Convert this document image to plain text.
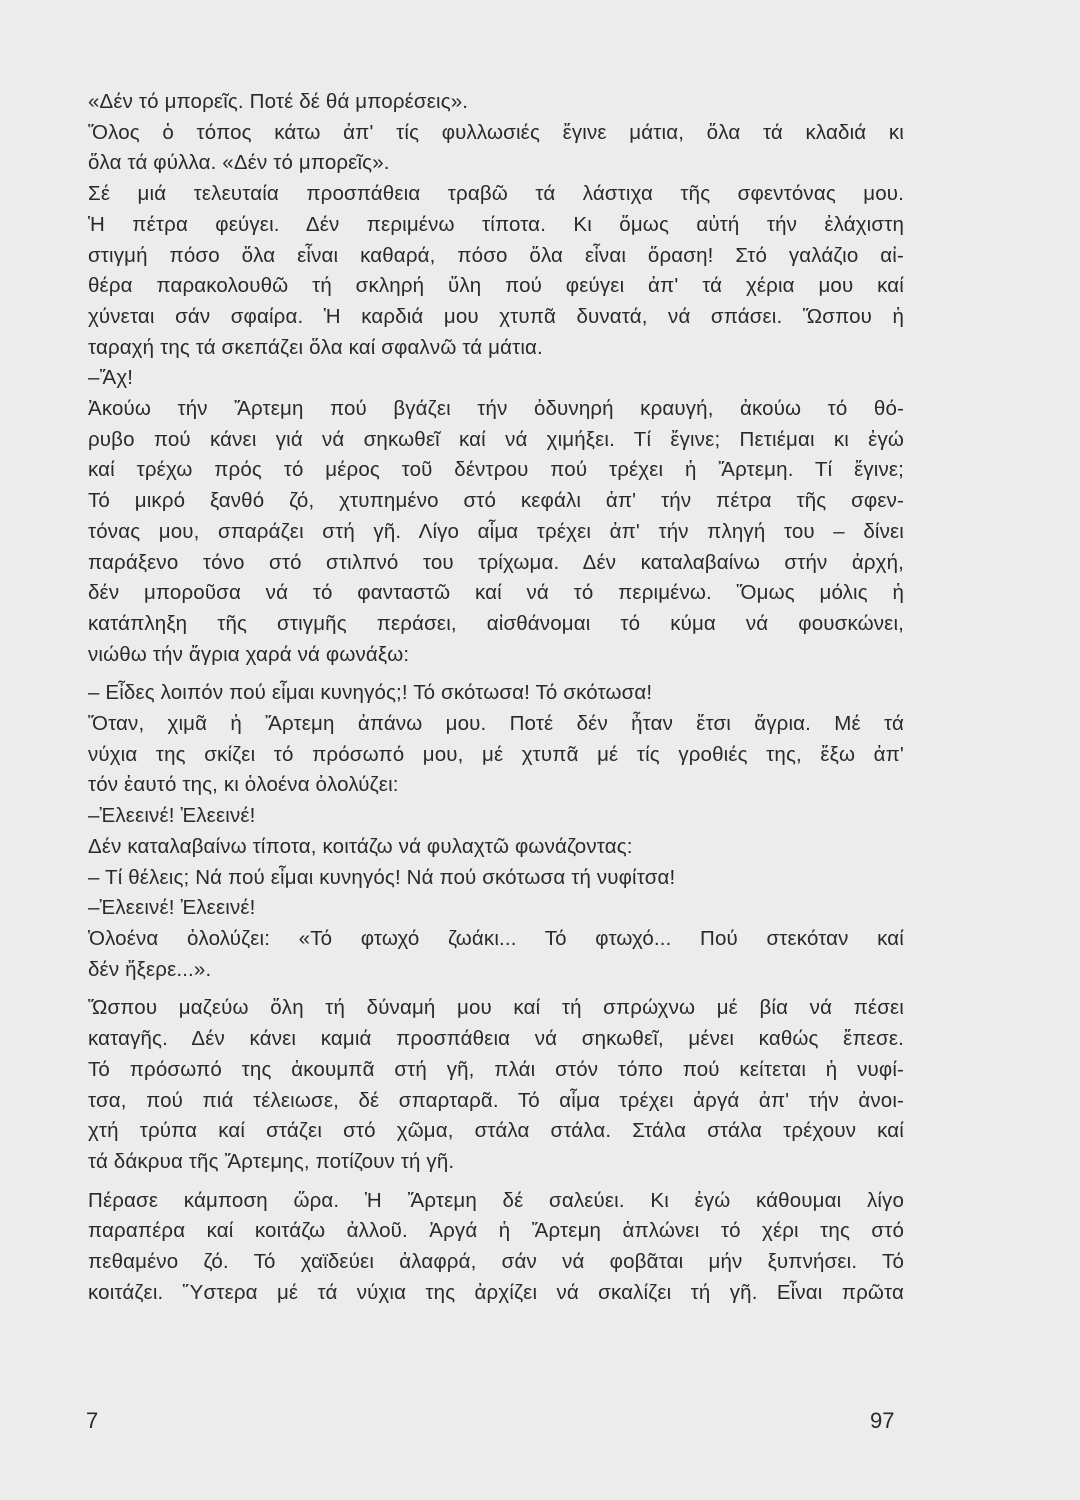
«Δέν τό μπορεῖς. Ποτέ δέ θά μπορέσεις».
Ὅλος ὁ τόπος κάτω ἀπ' τίς φυλλωσιές ἔγινε μάτια, ὅλα τά κλαδιά κι
ὅλα τά φύλλα. «Δέν τό μπορεῖς».
Σέ μιά τελευταία προσπάθεια τραβῶ τά λάστιχα τῆς σφεντόνας μου.
Ἡ πέτρα φεύγει. Δέν περιμένω τίποτα. Κι ὅμως αὐτή τήν ἐλάχιστη
στιγμή πόσο ὅλα εἶναι καθαρά, πόσο ὅλα εἶναι ὅραση! Στό γαλάζιο αἰ-
θέρα παρακολουθῶ τή σκληρή ὕλη πού φεύγει ἀπ' τά χέρια μου καί
χύνεται σάν σφαίρα. Ἡ καρδιά μου χτυπᾶ δυνατά, νά σπάσει. Ὥσπου ἡ
ταραχή της τά σκεπάζει ὅλα καί σφαλνῶ τά μάτια.
–Ἄχ!
Ἀκούω τήν Ἄρτεμη πού βγάζει τήν ὀδυνηρή κραυγή, ἀκούω τό θό-
ρυβο πού κάνει γιά νά σηκωθεῖ καί νά χιμήξει. Τί ἔγινε; Πετιέμαι κι ἐγώ
καί τρέχω πρός τό μέρος τοῦ δέντρου πού τρέχει ἡ Ἄρτεμη. Τί ἔγινε;
Τό μικρό ξανθό ζό, χτυπημένο στό κεφάλι ἀπ' τήν πέτρα τῆς σφεν-
τόνας μου, σπαράζει στή γῆ. Λίγο αἷμα τρέχει ἀπ' τήν πληγή του – δίνει
παράξενο τόνο στό στιλπνό του τρίχωμα. Δέν καταλαβαίνω στήν ἀρχή,
δέν μποροῦσα νά τό φανταστῶ καί νά τό περιμένω. Ὅμως μόλις ἡ
κατάπληξη τῆς στιγμῆς περάσει, αἰσθάνομαι τό κύμα νά φουσκώνει,
νιώθω τήν ἄγρια χαρά νά φωνάξω:
– Εἶδες λοιπόν πού εἶμαι κυνηγός;! Τό σκότωσα! Τό σκότωσα!
Ὅταν, χιμᾶ ἡ Ἄρτεμη ἀπάνω μου. Ποτέ δέν ἦταν ἔτσι ἄγρια. Μέ τά
νύχια της σκίζει τό πρόσωπό μου, μέ χτυπᾶ μέ τίς γροθιές της, ἔξω ἀπ'
τόν ἑαυτό της, κι ὁλοένα ὀλολύζει:
–Ἐλεεινέ! Ἐλεεινέ!
Δέν καταλαβαίνω τίποτα, κοιτάζω νά φυλαχτῶ φωνάζοντας:
– Τί θέλεις; Νά πού εἶμαι κυνηγός! Νά πού σκότωσα τή νυφίτσα!
–Ἐλεεινέ! Ἐλεεινέ!
Ὁλοένα ὀλολύζει: «Τό φτωχό ζωάκι... Τό φτωχό... Πού στεκόταν καί
δέν ἤξερε...».
Ὥσπου μαζεύω ὅλη τή δύναμή μου καί τή σπρώχνω μέ βία νά πέσει
καταγῆς. Δέν κάνει καμιά προσπάθεια νά σηκωθεῖ, μένει καθώς ἔπεσε.
Τό πρόσωπό της ἀκουμπᾶ στή γῆ, πλάι στόν τόπο πού κείτεται ἡ νυφί-
τσα, πού πιά τέλειωσε, δέ σπαρταρᾶ. Τό αἷμα τρέχει ἀργά ἀπ' τήν ἀνοι-
χτή τρύπα καί στάζει στό χῶμα, στάλα στάλα. Στάλα στάλα τρέχουν καί
τά δάκρυα τῆς Ἄρτεμης, ποτίζουν τή γῆ.
Πέρασε κάμποση ὥρα. Ἡ Ἄρτεμη δέ σαλεύει. Κι ἐγώ κάθουμαι λίγο
παραπέρα καί κοιτάζω ἀλλοῦ. Ἀργά ἡ Ἄρτεμη ἁπλώνει τό χέρι της στό
πεθαμένο ζό. Τό χαϊδεύει ἀλαφρά, σάν νά φοβᾶται μήν ξυπνήσει. Τό
κοιτάζει. Ὕστερα μέ τά νύχια της ἀρχίζει νά σκαλίζει τή γῆ. Εἶναι πρῶτα
7	97
